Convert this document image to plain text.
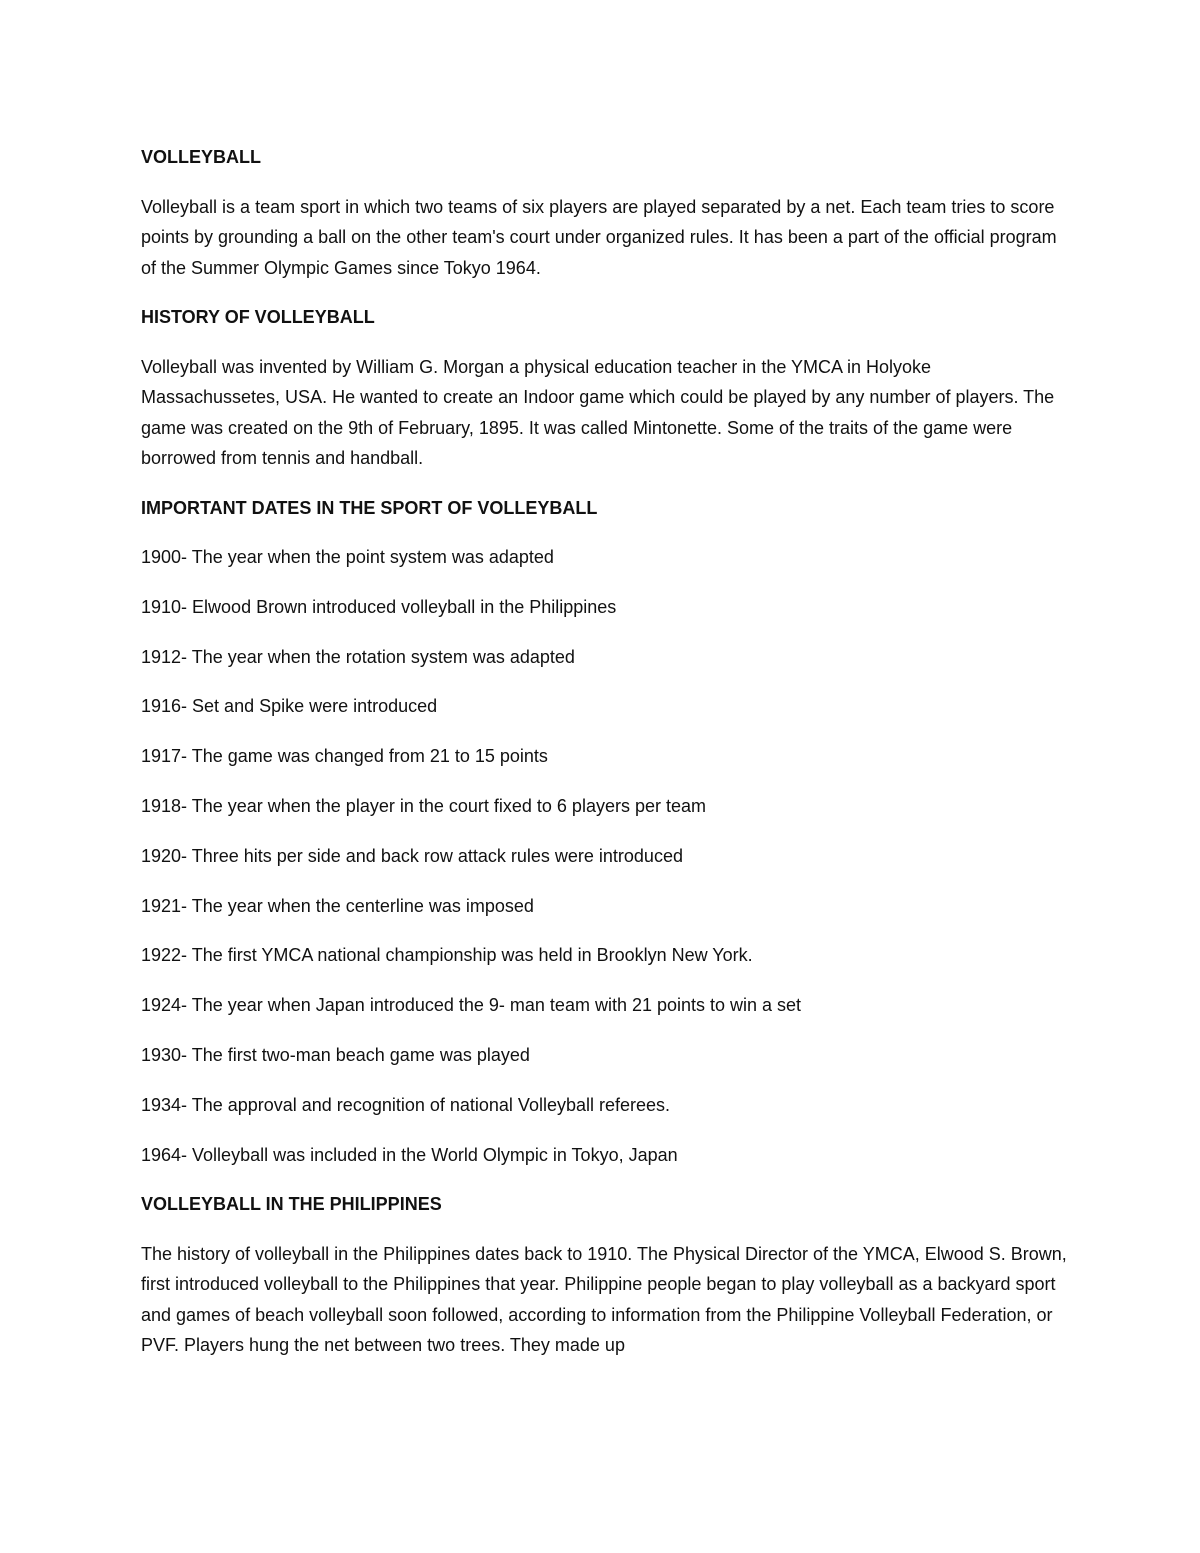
VOLLEYBALL
Volleyball is a team sport in which two teams of six players are played separated by a net. Each team tries to score points by grounding a ball on the other team's court under organized rules. It has been a part of the official program of the Summer Olympic Games since Tokyo 1964.
HISTORY OF VOLLEYBALL
Volleyball was invented by William G. Morgan a physical education teacher in the YMCA in Holyoke Massachussetes, USA. He wanted to create an Indoor game which could be played by any number of players. The game was created on the 9th of February, 1895. It was called Mintonette. Some of the traits of the game were borrowed from tennis and handball.
IMPORTANT DATES IN THE SPORT OF VOLLEYBALL
1900- The year when the point system was adapted
1910- Elwood Brown introduced volleyball in the Philippines
1912- The year when the rotation system was adapted
1916- Set and Spike were introduced
1917- The game was changed from 21 to 15 points
1918- The year when the player in the court fixed to 6 players per team
1920- Three hits per side and back row attack rules were introduced
1921- The year when the centerline was imposed
1922- The first YMCA national championship was held in Brooklyn New York.
1924- The year when Japan introduced the 9- man team with 21 points to win a set
1930- The first two-man beach game was played
1934- The approval and recognition of national Volleyball referees.
1964- Volleyball was included in the World Olympic in Tokyo, Japan
VOLLEYBALL IN THE PHILIPPINES
The history of volleyball in the Philippines dates back to 1910. The Physical Director of the YMCA, Elwood S. Brown, first introduced volleyball to the Philippines that year. Philippine people began to play volleyball as a backyard sport and games of beach volleyball soon followed, according to information from the Philippine Volleyball Federation, or PVF. Players hung the net between two trees. They made up
